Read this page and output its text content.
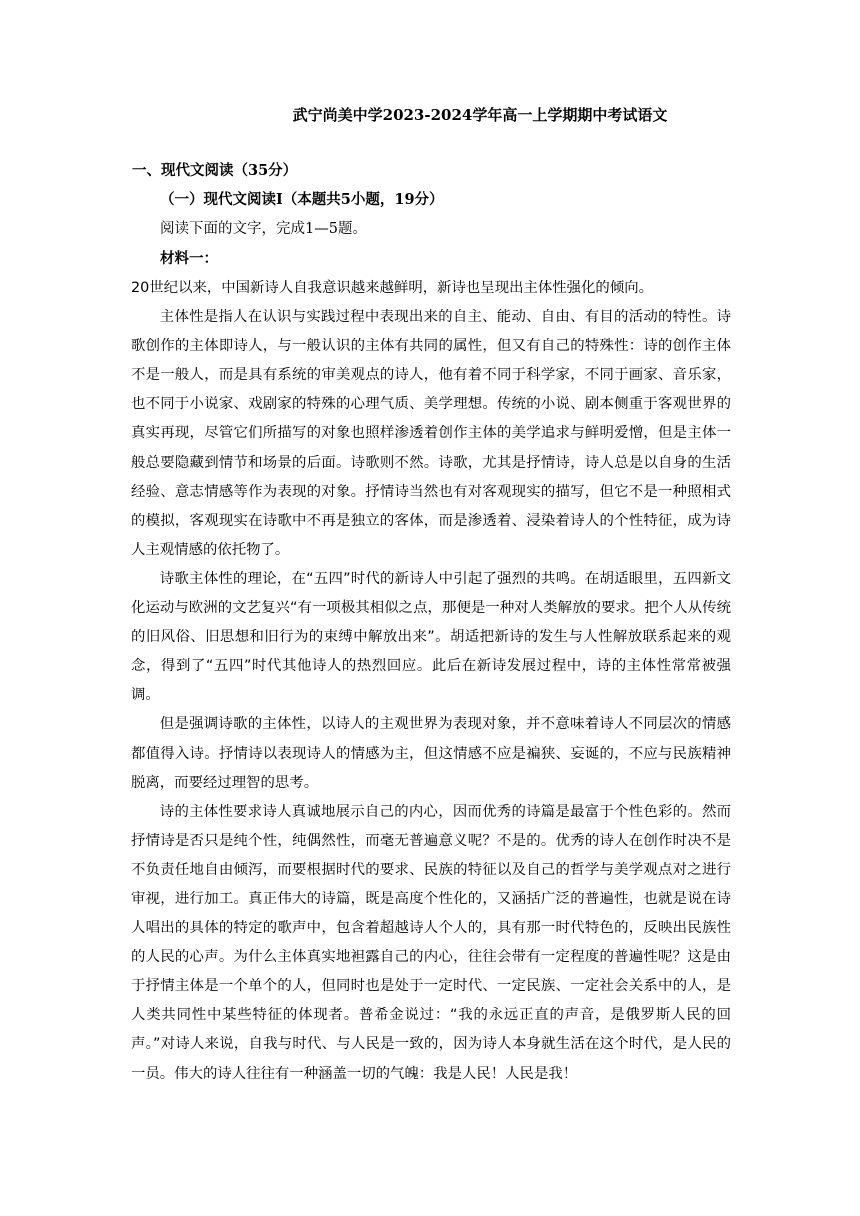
武宁尚美中学2023-2024学年高一上学期期中考试语文
一、现代文阅读（35分）
（一）现代文阅读Ⅰ（本题共5小题，19分）
阅读下面的文字，完成1—5题。
材料一：

20世纪以来，中国新诗人自我意识越来越鲜明，新诗也呈现出主体性强化的倾向。

主体性是指人在认识与实践过程中表现出来的自主、能动、自由、有目的活动的特性。诗歌创作的主体即诗人，与一般认识的主体有共同的属性，但又有自己的特殊性：诗的创作主体不是一般人，而是具有系统的审美观点的诗人，他有着不同于科学家，不同于画家、音乐家，也不同于小说家、戏剧家的特殊的心理气质、美学理想。传统的小说、剧本侧重于客观世界的真实再现，尽管它们所描写的对象也照样渗透着创作主体的美学追求与鲜明爱憎，但是主体一般总要隐藏到情节和场景的后面。诗歌则不然。诗歌，尤其是抒情诗，诗人总是以自身的生活经验、意志情感等作为表现的对象。抒情诗当然也有对客观现实的描写，但它不是一种照相式的模拟，客观现实在诗歌中不再是独立的客体，而是渗透着、浸染着诗人的个性特征，成为诗人主观情感的依托物了。

诗歌主体性的理论，在“五四”时代的新诗人中引起了强烈的共鸣。在胡适眼里，五四新文化运动与欧洲的文艺复兴“有一项极其相似之点，那便是一种对人类解放的要求。把个人从传统的旧风俗、旧思想和旧行为的束缚中解放出来”。胡适把新诗的发生与人性解放联系起来的观念，得到了“五四”时代其他诗人的热烈回应。此后在新诗发展过程中，诗的主体性常常被强调。

但是强调诗歌的主体性，以诗人的主观世界为表现对象，并不意味着诗人不同层次的情感都值得入诗。抒情诗以表现诗人的情感为主，但这情感不应是褊狭、妄诞的，不应与民族精神脱离，而要经过理智的思考。

诗的主体性要求诗人真诚地展示自己的内心，因而优秀的诗篇是最富于个性色彩的。然而抒情诗是否只是纯个性，纯偶然性，而毫无普遍意义呢？不是的。优秀的诗人在创作时决不是不负责任地自由倾泻，而要根据时代的要求、民族的特征以及自己的哲学与美学观点对之进行审视，进行加工。真正伟大的诗篇，既是高度个性化的，又涵括广泛的普遍性，也就是说在诗人唱出的具体的特定的歌声中，包含着超越诗人个人的，具有那一时代特色的，反映出民族性的人民的心声。为什么主体真实地袒露自己的内心，往往会带有一定程度的普遍性呢？这是由于抒情主体是一个单个的人，但同时也是处于一定时代、一定民族、一定社会关系中的人，是人类共同性中某些特征的体现者。普希金说过：“我的永远正直的声音，是俄罗斯人民的回声。”对诗人来说，自我与时代、与人民是一致的，因为诗人本身就生活在这个时代，是人民的一员。伟大的诗人往往有一种涵盖一切的气魄：我是人民！人民是我！
